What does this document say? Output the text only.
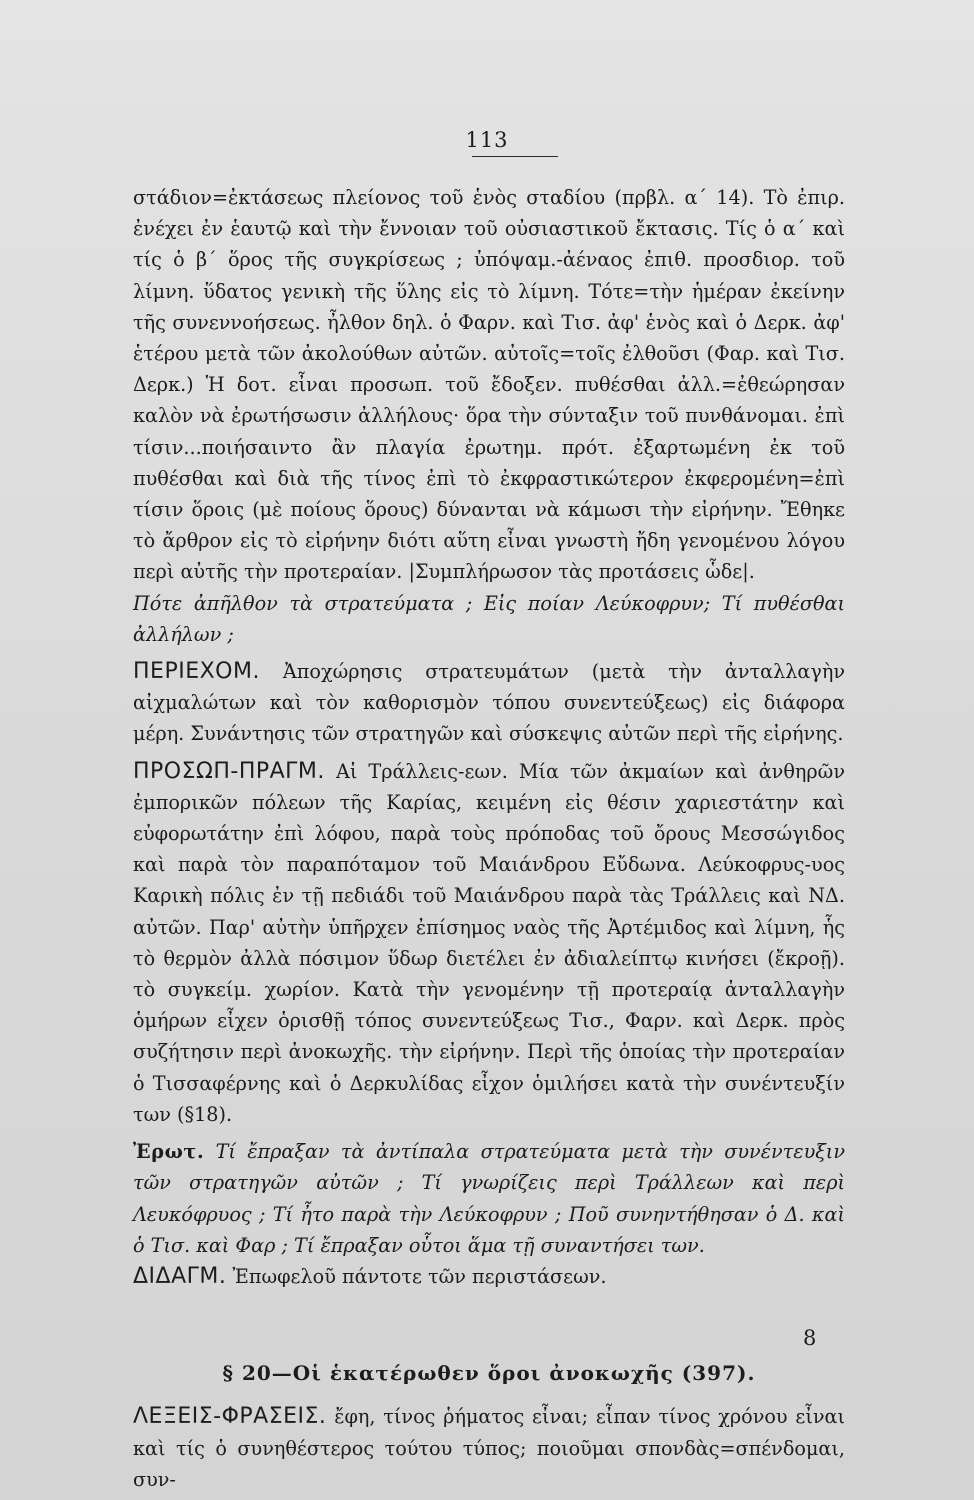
113

στάδιον=ἐκτάσεως πλείονος τοῦ ἑνὸς σταδίου (πρβλ. α΄ 14). Τὸ ἐπιρ. ἐνέχει ἐν ἑαυτῷ καὶ τὴν ἔννοιαν τοῦ οὐσιαστικοῦ ἔκτασις. Τίς ὁ α΄ καὶ τίς ὁ β΄ ὅρος τῆς συγκρίσεως ; ὑπόψαμ.-ἀέναος ἐπιθ. προσδιορ. τοῦ λίμνη. ὕδατος γενικὴ τῆς ὕλης εἰς τὸ λίμνη. Τότε=τὴν ἡμέραν ἐκείνην τῆς συνεννοήσεως. ἦλθον δηλ. ὁ Φαρν. καὶ Τισ. ἀφ' ἑνὸς καὶ ὁ Δερκ. ἀφ' ἑτέρου μετὰ τῶν ἀκολούθων αὐτῶν. αὐτοῖς=τοῖς ἐλθοῦσι (Φαρ. καὶ Τισ. Δερκ.) Ἡ δοτ. εἶναι προσωπ. τοῦ ἔδοξεν. πυθέσθαι ἀλλ.=ἐθεώρησαν καλὸν νὰ ἐρωτήσωσιν ἀλλήλους· ὅρα τὴν σύνταξιν τοῦ πυνθάνομαι. ἐπὶ τίσιν...ποιήσαιντο ἂν πλαγία ἐρωτημ. πρότ. ἐξαρτωμένη ἐκ τοῦ πυθέσθαι καὶ διὰ τῆς τίνος ἐπὶ τὸ ἐκφραστικώτερον ἐκφερομένη=ἐπὶ τίσιν ὅροις (μὲ ποίους ὅρους) δύνανται νὰ κάμωσι τὴν εἰρήνην. Ἔθηκε τὸ ἄρθρον εἰς τὸ εἰρήνην διότι αὕτη εἶναι γνωστὴ ἤδη γενομένου λόγου περὶ αὐτῆς τὴν προτεραίαν. |Συμπλήρωσον τὰς προτάσεις ὧδε|.

Πότε ἀπῆλθον τὰ στρατεύματα ; Εἰς ποίαν Λεύκοφρυν; Τί πυθέσθαι ἀλλήλων ;

ΠΕΡΙΕΧΟΜ. Ἀποχώρησις στρατευμάτων (μετὰ τὴν ἀνταλλαγὴν αἰχμαλώτων καὶ τὸν καθορισμὸν τόπου συνεντεύξεως) εἰς διάφορα μέρη. Συνάντησις τῶν στρατηγῶν καὶ σύσκεψις αὐτῶν περὶ τῆς εἰρήνης.

ΠΡΟΣΩΠ-ΠΡΑΓΜ. Αἱ Τράλλεις-εων. Μία τῶν ἀκμαίων καὶ ἀνθηρῶν ἐμπορικῶν πόλεων τῆς Καρίας, κειμένη εἰς θέσιν χαριεστάτην καὶ εὐφορωτάτην ἐπὶ λόφου, παρὰ τοὺς πρόποδας τοῦ ὄρους Μεσσώγιδος καὶ παρὰ τὸν παραπόταμον τοῦ Μαιάνδρου Εὔδωνα. Λεύκοφρυς-υος Καρικὴ πόλις ἐν τῇ πεδιάδι τοῦ Μαιάνδρου παρὰ τὰς Τράλλεις καὶ ΝΔ. αὐτῶν. Παρ' αὐτὴν ὑπῆρχεν ἐπίσημος ναὸς τῆς Ἀρτέμιδος καὶ λίμνη, ἧς τὸ θερμὸν ἀλλὰ πόσιμον ὕδωρ διετέλει ἐν ἀδιαλείπτῳ κινήσει (ἔκροῇ). τὸ συγκείμ. χωρίον. Κατὰ τὴν γενομένην τῇ προτεραίᾳ ἀνταλλαγὴν ὁμήρων εἶχεν ὁρισθῇ τόπος συνεντεύξεως Τισ., Φαρν. καὶ Δερκ. πρὸς συζήτησιν περὶ ἀνοκωχῆς. τὴν εἰρήνην. Περὶ τῆς ὁποίας τὴν προτεραίαν ὁ Τισσαφέρνης καὶ ὁ Δερκυλίδας εἶχον ὁμιλήσει κατὰ τὴν συνέντευξίν των (§18).

Ἐρωτ. Τί ἔπραξαν τὰ ἀντίπαλα στρατεύματα μετὰ τὴν συνέντευξιν τῶν στρατηγῶν αὐτῶν ; Τί γνωρίζεις περὶ Τράλλεων καὶ περὶ Λευκόφρυος ; Τί ἦτο παρὰ τὴν Λεύκοφρυν ; Ποῦ συνηντήθησαν ὁ Δ. καὶ ὁ Τισ. καὶ Φαρ ; Τί ἔπραξαν οὗτοι ἅμα τῇ συναντήσει των.

ΔΙΔΑΓΜ. Ἐπωφελοῦ πάντοτε τῶν περιστάσεων.

§ 20—Οἱ ἑκατέρωθεν ὅροι ἀνοκωχῆς (397).

ΛΕΞΕΙΣ-ΦΡΑΣΕΙΣ. ἔφη, τίνος ῥήματος εἶναι; εἶπαν τίνος χρόνου εἶναι καὶ τίς ὁ συνηθέστερος τούτου τύπος; ποιοῦμαι σπονδὰς=σπένδομαι, συν-

8
